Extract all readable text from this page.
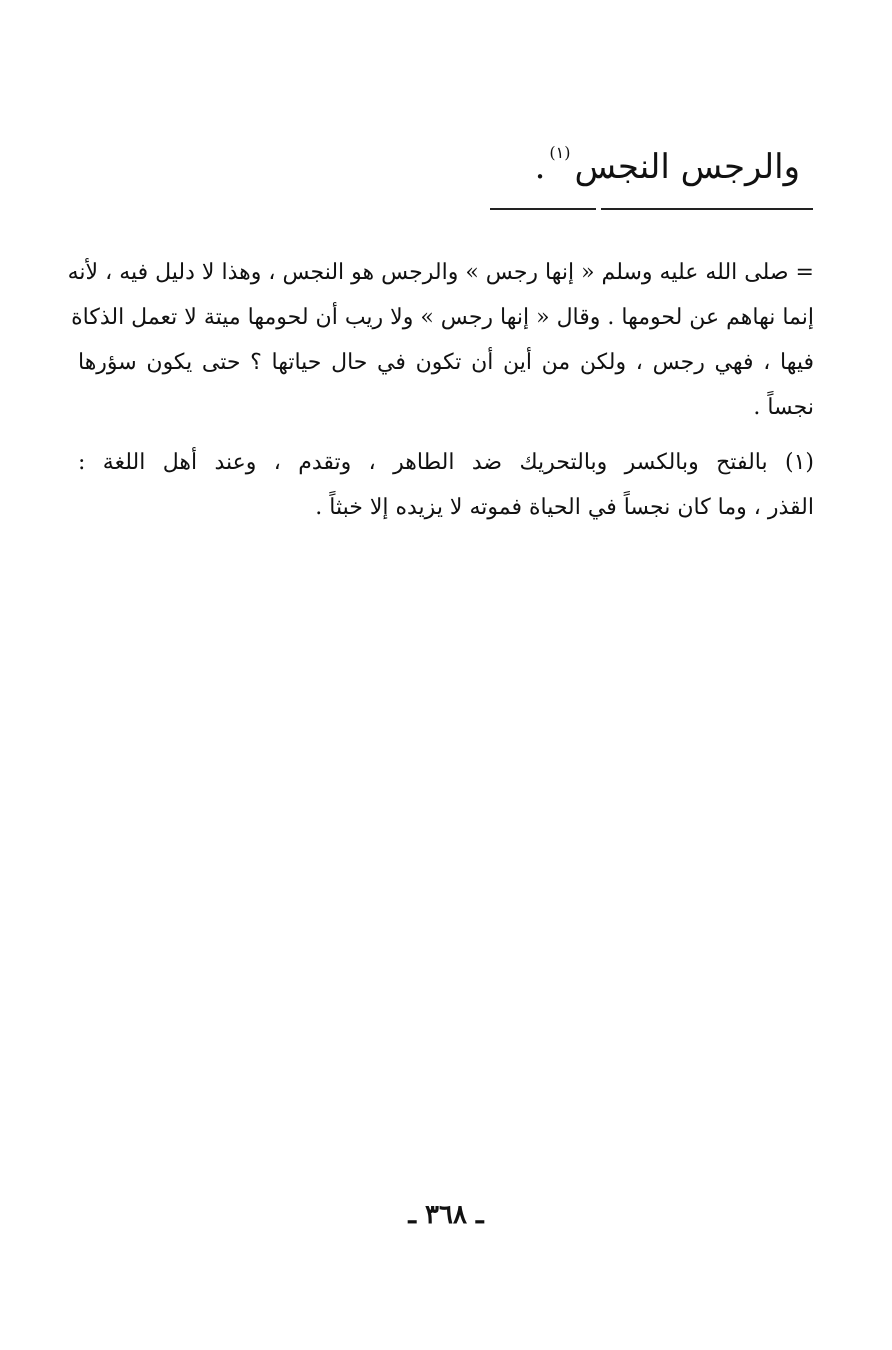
والرجس النجس$^{(١)}$.

= صلى الله عليه وسلم « إنها رجس » والرجس هو النجس ، وهذا لا دليل فيه ، لأنه
إنما نهاهم عن لحومها . وقال « إنها رجس » ولا ريب أن لحومها ميتة لا تعمل الذكاة
فيها ، فهي رجس ، ولكن من أين أن تكون في حال حياتها ؟ حتى يكون سؤرها
نجساً .

(١) بالفتح وبالكسر وبالتحريك ضد الطاهر ، وتقدم ، وعند أهل اللغة :
القذر ، وما كان نجساً في الحياة فموته لا يزيده إلا خبثاً .

ـ ٣٦٨ ـ
